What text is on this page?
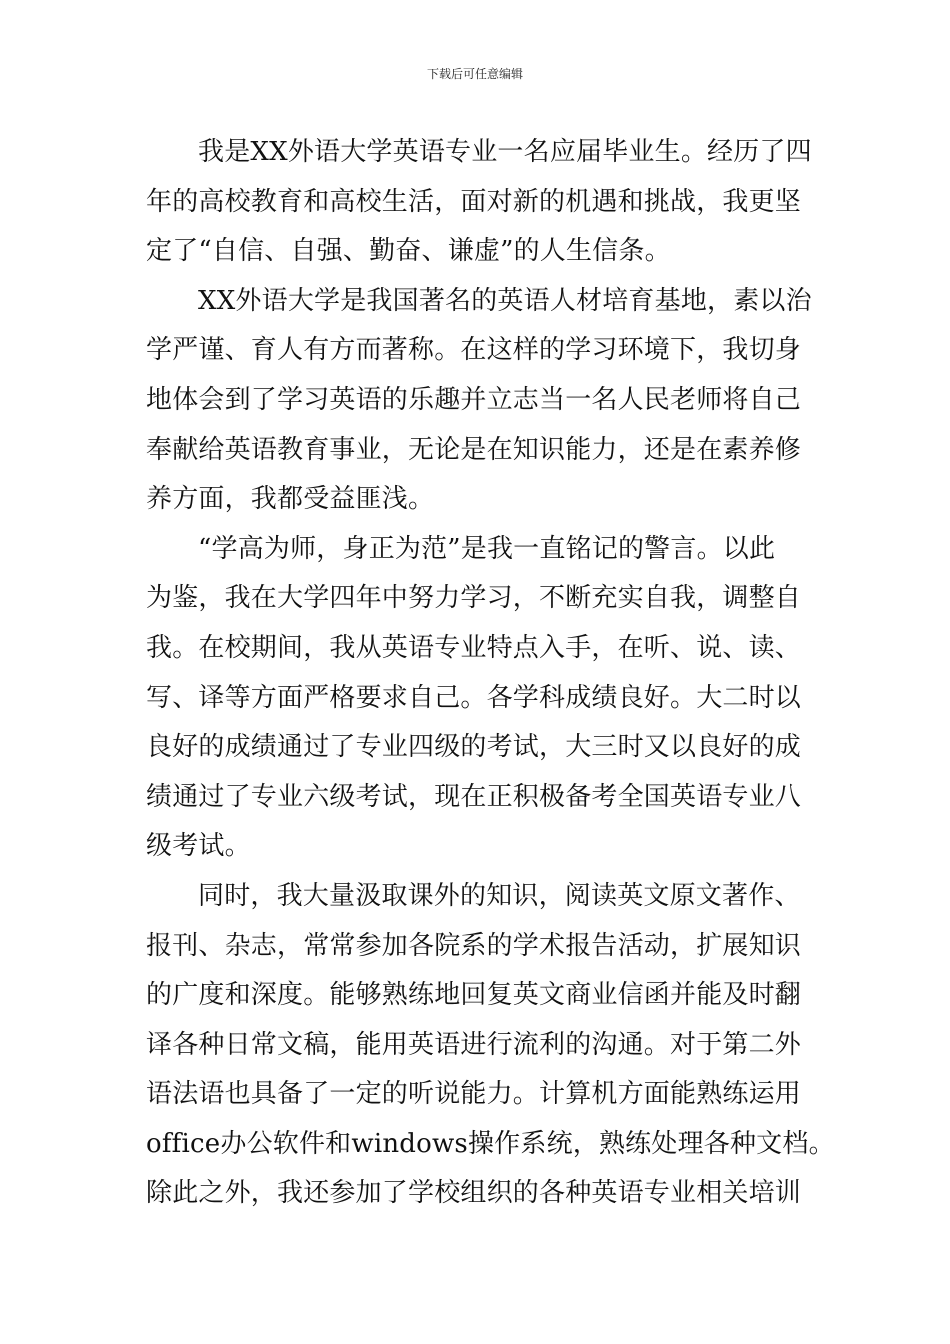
下载后可任意编辑
我是XX外语大学英语专业一名应届毕业生。经历了四
年的高校教育和高校生活，面对新的机遇和挑战，我更坚
定了“自信、自强、勤奋、谦虚”的人生信条。
XX外语大学是我国著名的英语人材培育基地，素以治
学严谨、育人有方而著称。在这样的学习环境下，我切身
地体会到了学习英语的乐趣并立志当一名人民老师将自己
奉献给英语教育事业，无论是在知识能力，还是在素养修
养方面，我都受益匪浅。
“学高为师，身正为范”是我一直铭记的警言。以此
为鉴，我在大学四年中努力学习，不断充实自我，调整自
我。在校期间，我从英语专业特点入手，在听、说、读、
写、译等方面严格要求自己。各学科成绩良好。大二时以
良好的成绩通过了专业四级的考试，大三时又以良好的成
绩通过了专业六级考试，现在正积极备考全国英语专业八
级考试。
同时，我大量汲取课外的知识，阅读英文原文著作、
报刊、杂志，常常参加各院系的学术报告活动，扩展知识
的广度和深度。能够熟练地回复英文商业信函并能及时翻
译各种日常文稿，能用英语进行流利的沟通。对于第二外
语法语也具备了一定的听说能力。计算机方面能熟练运用
office办公软件和windows操作系统，熟练处理各种文档。
除此之外，我还参加了学校组织的各种英语专业相关培训
